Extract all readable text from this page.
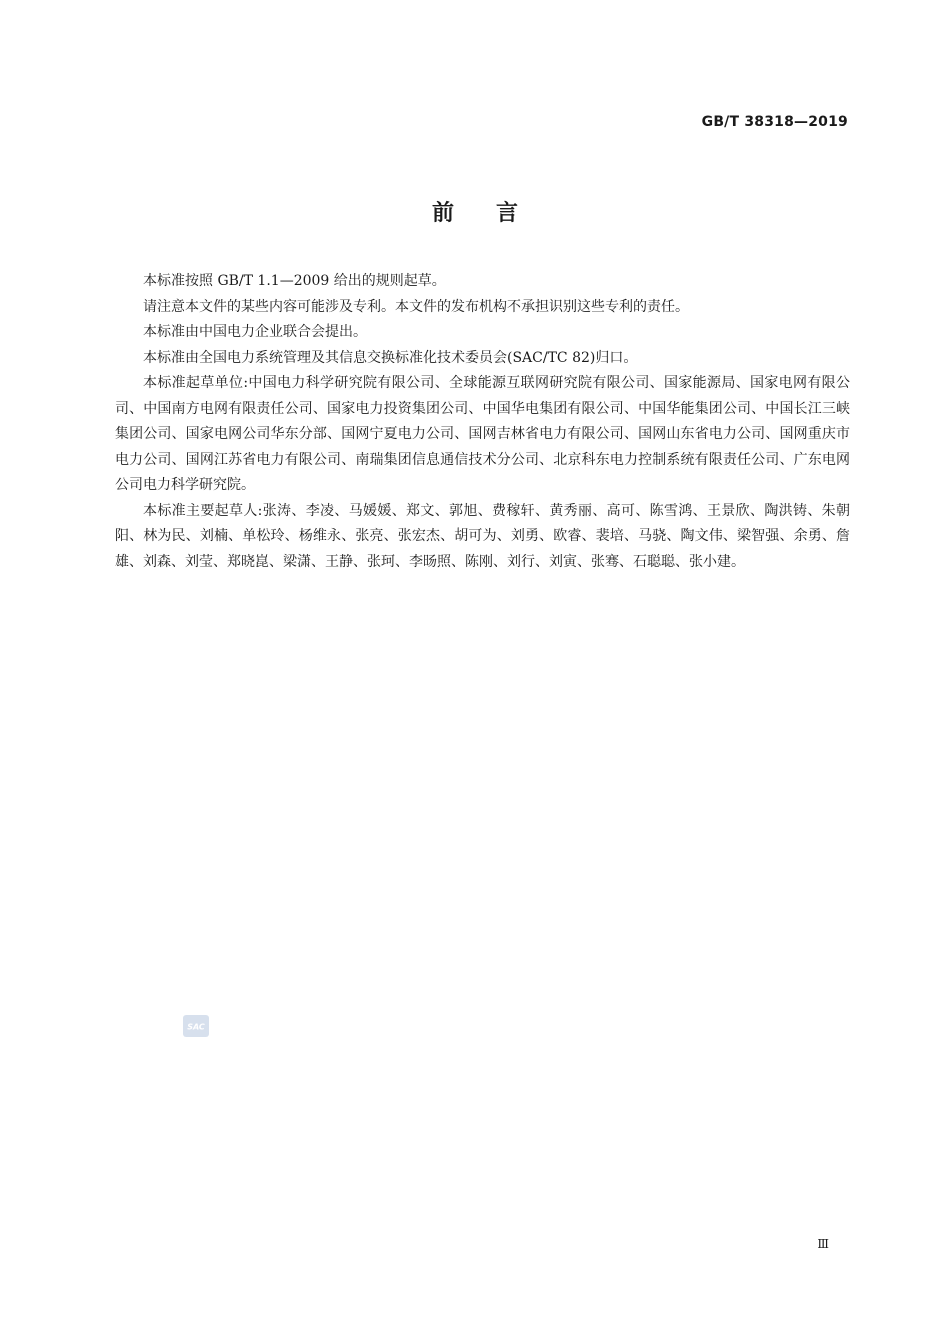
GB/T 38318—2019
前言

本标准按照 GB/T 1.1—2009 给出的规则起草。

请注意本文件的某些内容可能涉及专利。本文件的发布机构不承担识别这些专利的责任。

本标准由中国电力企业联合会提出。

本标准由全国电力系统管理及其信息交换标准化技术委员会(SAC/TC 82)归口。

本标准起草单位:中国电力科学研究院有限公司、全球能源互联网研究院有限公司、国家能源局、国家电网有限公司、中国南方电网有限责任公司、国家电力投资集团公司、中国华电集团有限公司、中国华能集团公司、中国长江三峡集团公司、国家电网公司华东分部、国网宁夏电力公司、国网吉林省电力有限公司、国网山东省电力公司、国网重庆市电力公司、国网江苏省电力有限公司、南瑞集团信息通信技术分公司、北京科东电力控制系统有限责任公司、广东电网公司电力科学研究院。

本标准主要起草人:张涛、李凌、马媛媛、郑文、郭旭、费稼轩、黄秀丽、高可、陈雪鸿、王景欣、陶洪铸、朱朝阳、林为民、刘楠、单松玲、杨维永、张亮、张宏杰、胡可为、刘勇、欧睿、裴培、马骁、陶文伟、梁智强、余勇、詹雄、刘森、刘莹、郑晓崑、梁潇、王静、张珂、李旸照、陈刚、刘行、刘寅、张骞、石聪聪、张小建。

SAC
Ⅲ
